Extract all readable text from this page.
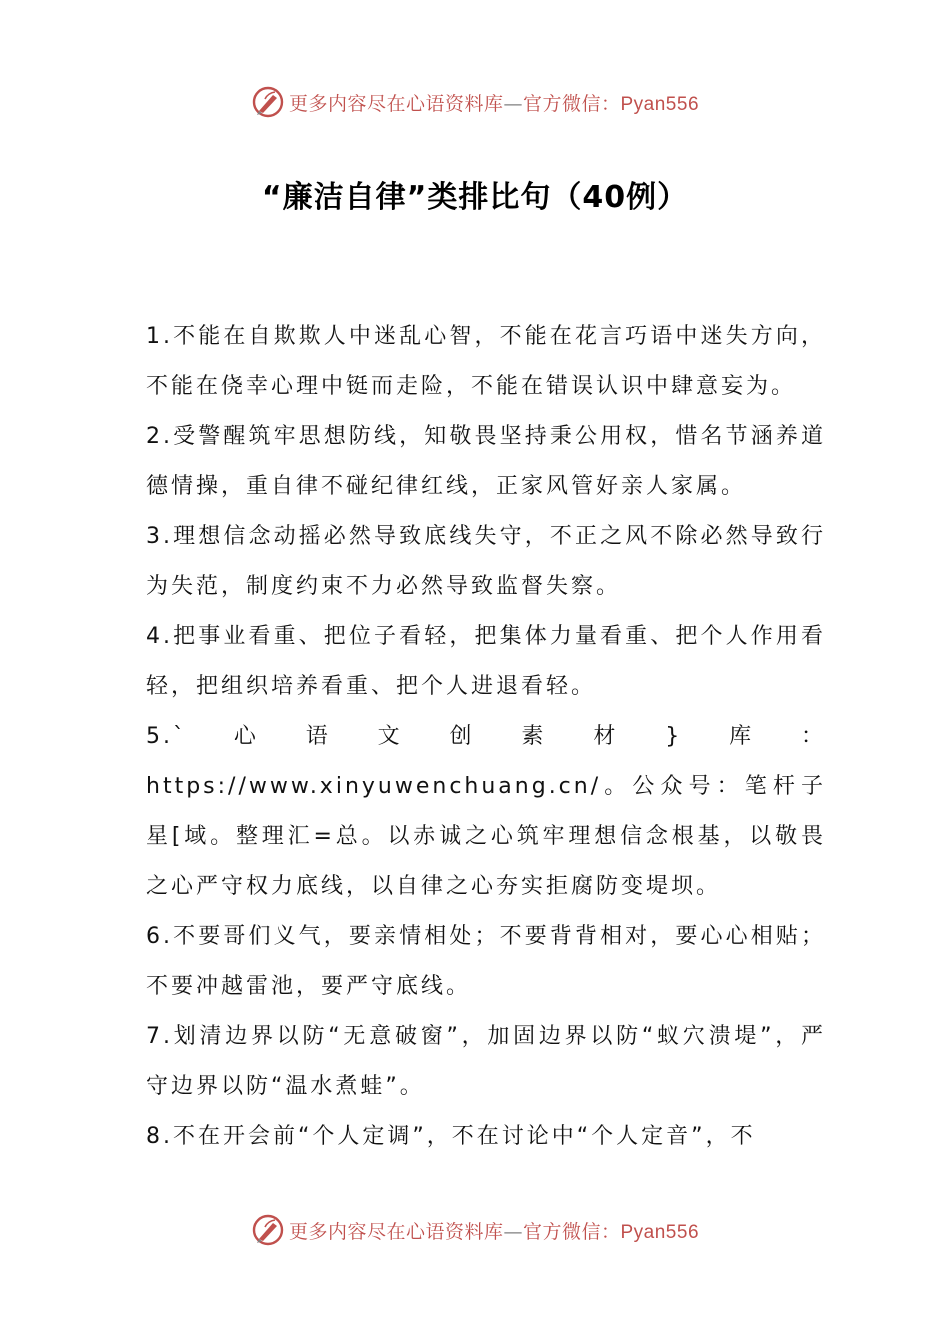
更多内容尽在心语资料库—官方微信：Pyan556
“廉洁自律”类排比句（40例）

1.不能在自欺欺人中迷乱心智，不能在花言巧语中迷失方向，不能在侥幸心理中铤而走险，不能在错误认识中肆意妄为。

2.受警醒筑牢思想防线，知敬畏坚持秉公用权，惜名节涵养道德情操，重自律不碰纪律红线，正家风管好亲人家属。

3.理想信念动摇必然导致底线失守，不正之风不除必然导致行为失范，制度约束不力必然导致监督失察。

4.把事业看重、把位子看轻，把集体力量看重、把个人作用看轻，把组织培养看重、把个人进退看轻。

5.`心语文创素材}库：https://www.xinyuwenchuang.cn/。公众号：笔杆子星[域。整理汇=总。以赤诚之心筑牢理想信念根基，以敬畏之心严守权力底线，以自律之心夯实拒腐防变堤坝。

6.不要哥们义气，要亲情相处；不要背背相对，要心心相贴；不要冲越雷池，要严守底线。

7.划清边界以防“无意破窗”，加固边界以防“蚁穴溃堤”，严守边界以防“温水煮蛙”。

8.不在开会前“个人定调”，不在讨论中“个人定音”，不

更多内容尽在心语资料库—官方微信：Pyan556
